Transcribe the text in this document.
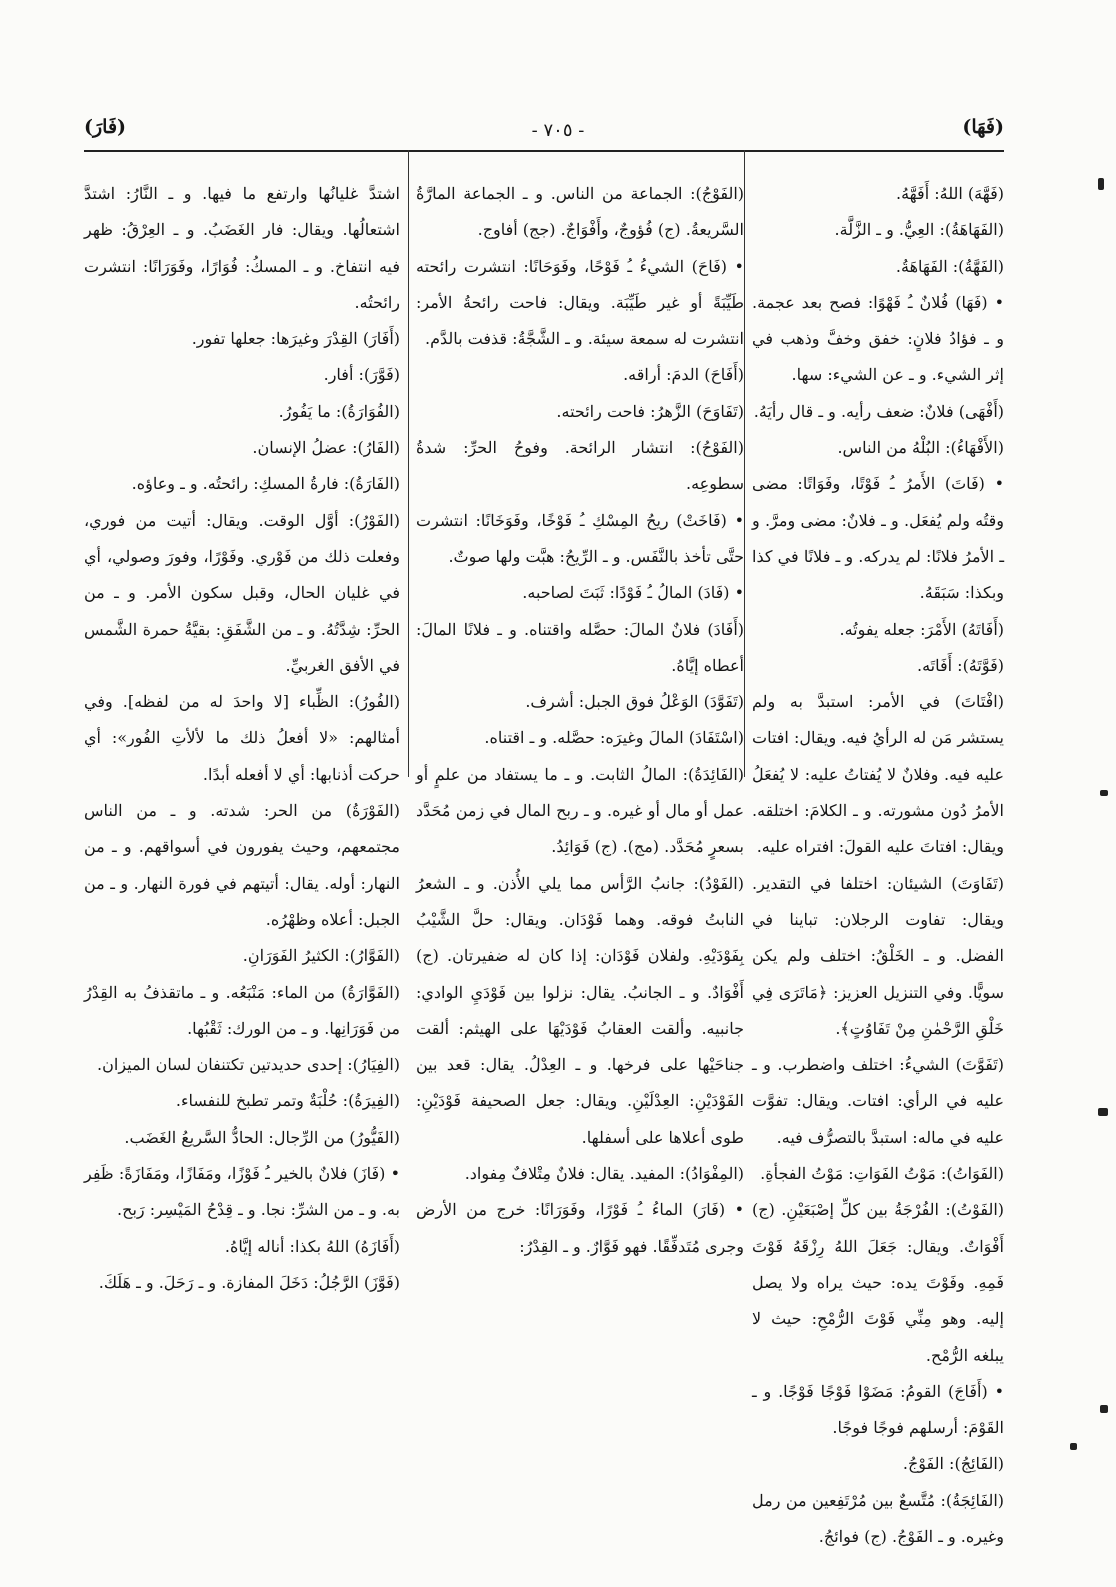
(فَهَا)
- ٧٠٥ -
(فَارَ)

(فَهَّهَ) اللهُ: أَفَهَّهُ.

(الفَهَاهَةُ): العِيُّ. و ـ الزَّلَّة.

(الفَهَّةُ): الفَهَاهَةُ.

• (فَهَا) فُلانٌ ـُ فَهْوًا: فصح بعد عجمة. و ـ فؤادُ فلانٍ: خفق وخفَّ وذهب في إثر الشيء. و ـ عن الشيء: سها.

(أَفْهَى) فلانٌ: ضعف رأيه. و ـ قال رأيَهُ.

(الأَفْهَاءُ): البُلْهُ من الناس.

• (فَاتَ) الأَمرُ ـُ فَوْتًا، وفَوَاتًا: مضى وقتُه ولم يُفعَل. و ـ فلانٌ: مضى ومرَّ. و ـ الأمرُ فلانًا: لم يدركه. و ـ فلانًا في كذا وبكذا: سَبَقَهُ.

(أَفَاتَهُ) الأَمْرَ: جعله يفوتُه.

(فَوَّتَهُ): أَفَاتَه.

(افْتَاتَ) في الأمر: استبدَّ به ولم يستشر مَن له الرأيُ فيه. ويقال: افتات عليه فيه. وفلانٌ لا يُفتاتُ عليه: لا يُفعَلُ الأمرُ دُون مشورته. و ـ الكلامَ: اختلقه. ويقال: افتاتَ عليه القولَ: افتراه عليه.

(تَفَاوَتَ) الشيئان: اختلفا في التقدير. ويقال: تفاوت الرجلان: تباينا في الفضل. و ـ الخَلْقُ: اختلف ولم يكن سويًّا. وفي التنزيل العزيز: ﴿مَاتَرَى فِي خَلْقِ الرَّحْمٰنِ مِنْ تَفَاوُتٍ﴾.

(تَفَوَّتَ) الشيءُ: اختلف واضطرب. و ـ عليه في الرأي: افتات. ويقال: تفوَّت عليه في ماله: استبدَّ بالتصرُّف فيه.

(الفَوَاتُ): مَوْتُ الفَوَاتِ: مَوْتُ الفجأةِ.

(الفَوْتُ): الفُرْجَةُ بين كلِّ إصْبَعَيْنِ. (ج) أَفْوَاتٌ. ويقال: جَعَلَ اللهُ رِزْقَهُ فَوْتَ فَمِهِ. وفَوْتَ يده: حيث يراه ولا يصل إليه. وهو مِنِّي فَوْتَ الرُّمْحِ: حيث لا يبلغه الرُّمْح.

• (أَفَاجَ) القومُ: مَضَوْا فَوْجًا فَوْجًا. و ـ القَوْمَ: أرسلهم فوجًا فوجًا.

(الفَائِجُ): الفَوْجُ.

(الفَائِجَةُ): مُتَّسعٌ بين مُرْتَفِعين من رمل وغيره. و ـ الفَوْجُ. (ج) فوائجُ.

(الفَوْجُ): الجماعة من الناس. و ـ الجماعة المارَّةُ السَّريعةُ. (ج) فُؤوجٌ، وأَفْوَاجٌ. (جج) أفاوج.

• (فَاحَ) الشيءُ ـُ فَوْحًا، وفَوَحَانًا: انتشرت رائحته طَيِّبَةً أو غير طَيِّبَة. ويقال: فاحت رائحةُ الأمر: انتشرت له سمعة سيئة. و ـ الشَّجَّةُ: قذفت بالدَّم.

(أَفَاحَ) الدمَ: أراقه.

(تَفَاوَحَ) الزَّهرُ: فاحت رائحته.

(الفَوْحُ): انتشار الرائحة. وفوحُ الحرِّ: شدةُ سطوعِه.

• (فَاخَتْ) ريحُ المِسْكِ ـُ فَوْخًا، وفَوَخَانًا: انتشرت حتَّى تأخذ بالنَّفَس. و ـ الرِّيحُ: هبَّت ولها صوتٌ.

• (فَادَ) المالُ ـُ فَوْدًا: ثَبَتَ لصاحبه.

(أَفَادَ) فلانٌ المالَ: حصَّله واقتناه. و ـ فلانًا المالَ: أعطاه إيَّاهُ.

(تَفَوَّدَ) الوَعْلُ فوق الجبل: أشرف.

(اسْتَفَادَ) المالَ وغيرَه: حصَّله. و ـ اقتناه.

(الفَائِدَةُ): المالُ الثابت. و ـ ما يستفاد من علمٍ أو عمل أو مال أو غيره. و ـ ربح المال في زمن مُحَدَّد بسعرٍ مُحَدَّد. (مج). (ج) فَوَائِدُ.

(الفَوْدُ): جانبُ الرَّأس مما يلي الأُذن. و ـ الشعرُ النابتُ فوقه. وهما فَوْدَان. ويقال: حلَّ الشَّيْبُ بِفَوْدَيْهِ. ولفلان فَوْدَان: إذا كان له ضفيرتان. (ج) أَفْوَادٌ. و ـ الجانبُ. يقال: نزلوا بين فَوْدَيِ الوادي: جانبيه. وألقت العقابُ فَوْدَيْهَا على الهيثم: ألقت جناحَيْها على فرخها. و ـ العِدْلُ. يقال: قعد بين الفَوْدَيْنِ: العِدْلَيْنِ. ويقال: جعل الصحيفة فَوْدَيْنِ: طوى أعلاها على أسفلها.

(المِفْوَادُ): المفيد. يقال: فلانٌ مِتْلافٌ مِفواد.

• (فَارَ) الماءُ ـُ فَوْرًا، وفَوَرَانًا: خرج من الأرض وجرى مُتَدفِّقًا. فهو فَوَّارٌ. و ـ القِدْرُ:

اشتدَّ غليانُها وارتفع ما فيها. و ـ النَّارُ: اشتدَّ اشتعالُها. ويقال: فار الغَضَبُ. و ـ العِرْقُ: ظهر فيه انتفاخ. و ـ المسكُ: فُوَارًا، وفَوَرَانًا: انتشرت رائحتُه.

(أَفَارَ) القِدْرَ وغيرَها: جعلها تفور.

(فَوَّرَ): أفار.

(الفُوَارَةُ): ما يَفُورُ.

(الفَارُ): عضلُ الإنسان.

(الفَارَةُ): فارةُ المسكِ: رائحتُه. و ـ وعاؤه.

(الفَوْرُ): أوَّل الوقت. ويقال: أتيت من فوري، وفعلت ذلك من فَوْري. وفَوْرًا، وفورَ وصولي، أي في غليان الحال، وقبل سكون الأمر. و ـ من الحرِّ: شِدَّتُهُ. و ـ من الشَّفَقِ: بقيَّةُ حمرة الشَّمس في الأفق الغربيِّ.

(الفُورُ): الظِّباء [لا واحدَ له من لفظه]. وفي أمثالهم: «لا أفعلُ ذلك ما لألأتِ الفُور»: أي حركت أذنابها: أي لا أفعله أبدًا.

(الفَوْرَةُ) من الحر: شدته. و ـ من الناس مجتمعهم، وحيث يفورون في أسواقهم. و ـ من النهار: أوله. يقال: أتيتهم في فورة النهار. و ـ من الجبل: أعلاه وظهْرُه.

(الفَوَّارُ): الكثيرُ الفَوَرَانِ.

(الفَوَّارَةُ) من الماء: مَنْبَعُه. و ـ ماتقذفُ به القِدْرُ من فَوَرَانِها. و ـ من الورك: ثَقْبُها.

(الفِيَارُ): إحدى حديدتين تكتنفان لسان الميزان.

(الفِيرَةُ): حُلْبَةٌ وتمر تطبخ للنفساء.

(الفَيُّورُ) من الرِّجال: الحادُّ السَّريعُ الغَضَب.

• (فَازَ) فلانٌ بالخير ـُ فَوْزًا، ومَفَازًا، ومَفَازَةً: ظَفِر به. و ـ من الشرِّ: نجا. و ـ قِدْحُ المَيْسِر: رَبح.

(أَفَازَهُ) اللهُ بكذا: أناله إيَّاهُ.

(فَوَّزَ) الرَّجُلُ: دَخَلَ المفازة. و ـ رَحَلَ. و ـ هَلَكَ.
